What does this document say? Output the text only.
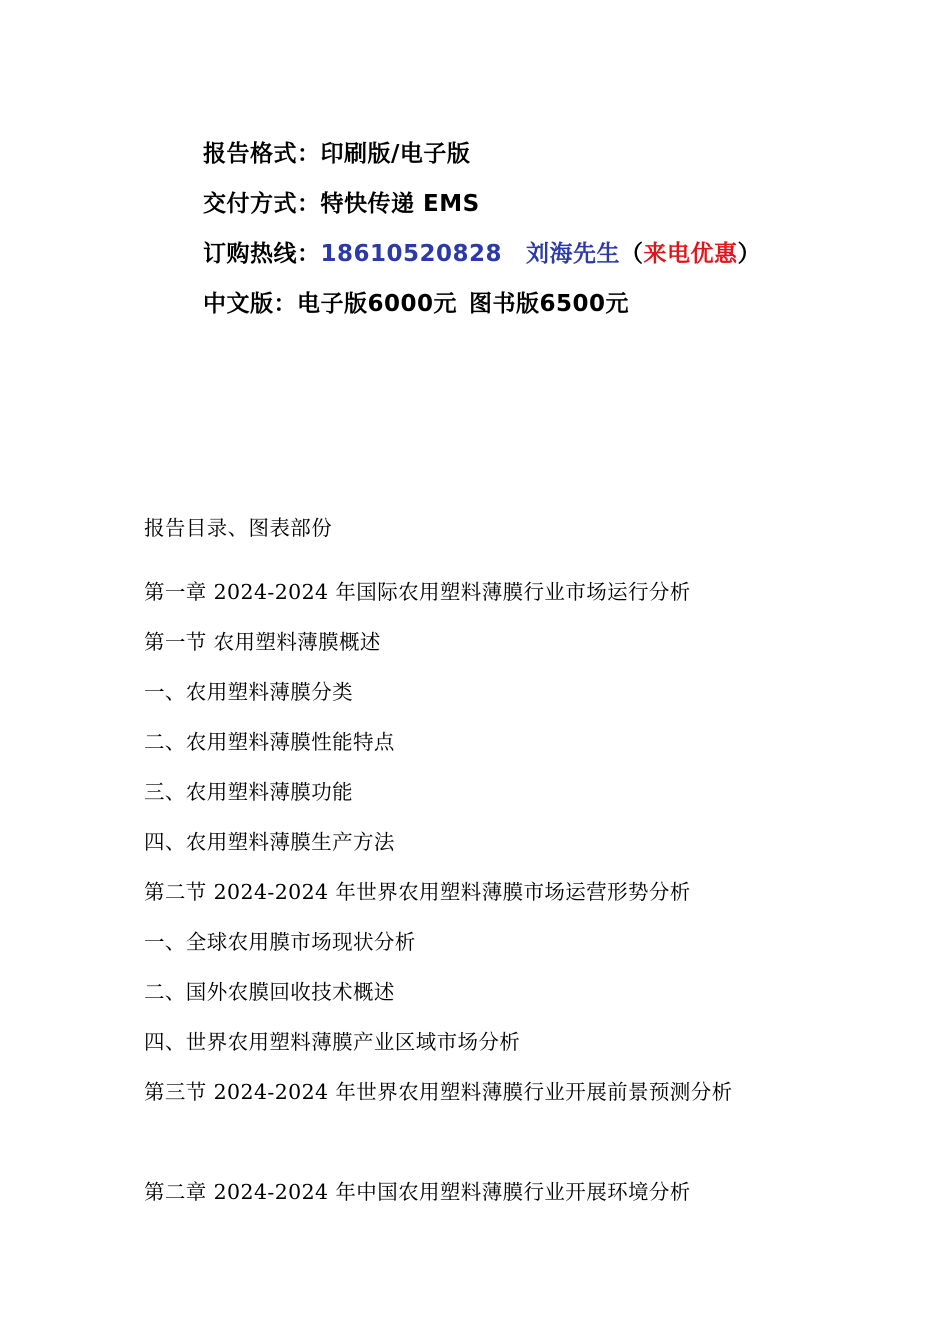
报告格式：印刷版/电子版
交付方式：特快传递 EMS
订购热线：18610520828 刘海先生（来电优惠）
中文版：电子版6000元 图书版6500元
报告目录、图表部份
第一章 2024-2024 年国际农用塑料薄膜行业市场运行分析
第一节 农用塑料薄膜概述
一、农用塑料薄膜分类
二、农用塑料薄膜性能特点
三、农用塑料薄膜功能
四、农用塑料薄膜生产方法
第二节 2024-2024 年世界农用塑料薄膜市场运营形势分析
一、全球农用膜市场现状分析
二、国外农膜回收技术概述
四、世界农用塑料薄膜产业区域市场分析
第三节 2024-2024 年世界农用塑料薄膜行业开展前景预测分析
第二章 2024-2024 年中国农用塑料薄膜行业开展环境分析
